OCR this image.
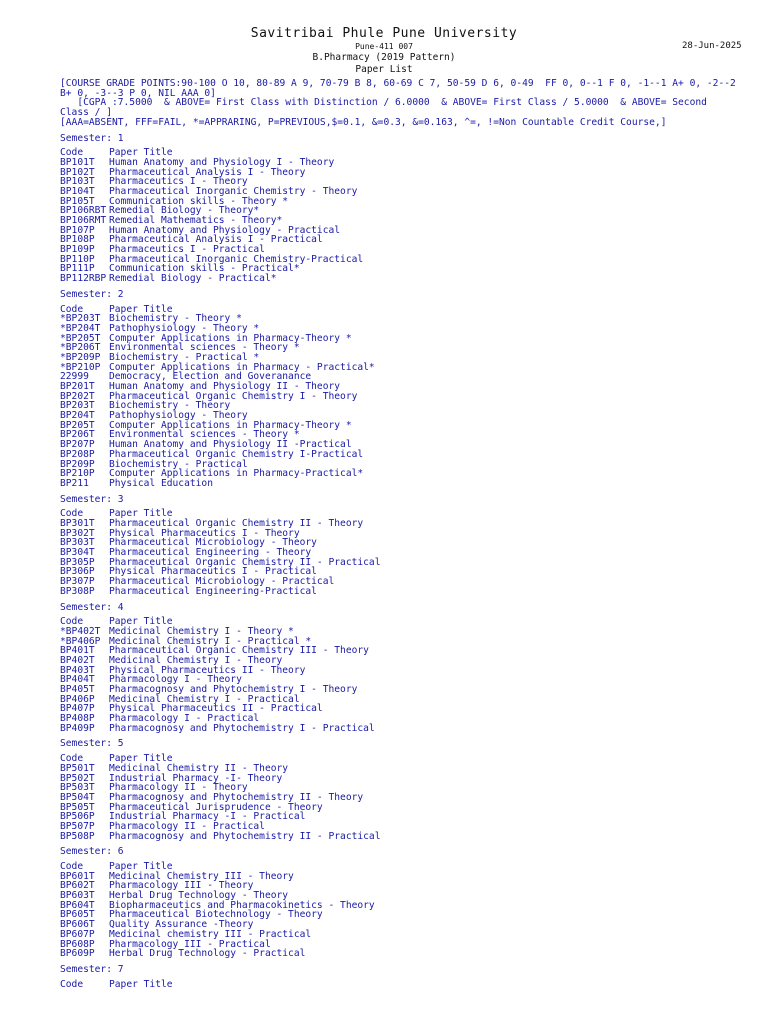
Savitribai Phule Pune University
Pune-411 007	28-Jun-2025
B.Pharmacy (2019 Pattern)
Paper List
[COURSE GRADE POINTS:90-100 O 10, 80-89 A 9, 70-79 B 8, 60-69 C 7, 50-59 D 6, 0-49  FF 0, 0--1 F 0, -1--1 A+ 0, -2--2 B+ 0, -3--3 P 0, NIL AAA 0]
[CGPA :7.5000  & ABOVE= First Class with Distinction / 6.0000  & ABOVE= First Class / 5.0000  & ABOVE= Second Class / ]
[AAA=ABSENT, FFF=FAIL, *=APPRARING, P=PREVIOUS,$=0.1, &=0.3, &=0.163, ^=, !=Non Countable Credit Course,]
Semester: 1
Code	Paper Title
BP101T Human Anatomy and Physiology I - Theory
BP102T Pharmaceutical Analysis I - Theory
BP103T Pharmaceutics I - Theory
BP104T Pharmaceutical Inorganic Chemistry - Theory
BP105T Communication skills - Theory *
BP106RBT Remedial Biology - Theory*
BP106RMT Remedial Mathematics - Theory*
BP107P Human Anatomy and Physiology - Practical
BP108P Pharmaceutical Analysis I - Practical
BP109P Pharmaceutics I - Practical
BP110P Pharmaceutical Inorganic Chemistry-Practical
BP111P Communication skills - Practical*
BP112RBP Remedial Biology - Practical*
Semester: 2
Code	Paper Title
*BP203T Biochemistry - Theory *
*BP204T Pathophysiology - Theory *
*BP205T Computer Applications in Pharmacy-Theory *
*BP206T Environmental sciences - Theory *
*BP209P Biochemistry - Practical *
*BP210P Computer Applications in Pharmacy - Practical*
22999 Democracy, Election and Goveranance
BP201T Human Anatomy and Physiology II - Theory
BP202T Pharmaceutical Organic Chemistry I - Theory
BP203T Biochemistry - Theory
BP204T Pathophysiology - Theory
BP205T Computer Applications in Pharmacy-Theory *
BP206T Environmental sciences - Theory *
BP207P Human Anatomy and Physiology II -Practical
BP208P Pharmaceutical Organic Chemistry I-Practical
BP209P Biochemistry - Practical
BP210P Computer Applications in Pharmacy-Practical*
BP211 Physical Education
Semester: 3
Code	Paper Title
BP301T Pharmaceutical Organic Chemistry II - Theory
BP302T Physical Pharmaceutics I - Theory
BP303T Pharmaceutical Microbiology - Theory
BP304T Pharmaceutical Engineering - Theory
BP305P Pharmaceutical Organic Chemistry II - Practical
BP306P Physical Pharmaceutics I - Practical
BP307P Pharmaceutical Microbiology - Practical
BP308P Pharmaceutical Engineering-Practical
Semester: 4
Code	Paper Title
*BP402T Medicinal Chemistry I - Theory *
*BP406P Medicinal Chemistry I - Practical *
BP401T Pharmaceutical Organic Chemistry III - Theory
BP402T Medicinal Chemistry I - Theory
BP403T Physical Pharmaceutics II - Theory
BP404T Pharmacology I - Theory
BP405T Pharmacognosy and Phytochemistry I - Theory
BP406P Medicinal Chemistry I - Practical
BP407P Physical Pharmaceutics II - Practical
BP408P Pharmacology I - Practical
BP409P Pharmacognosy and Phytochemistry I - Practical
Semester: 5
Code	Paper Title
BP501T Medicinal Chemistry II - Theory
BP502T Industrial Pharmacy -I- Theory
BP503T Pharmacology II - Theory
BP504T Pharmacognosy and Phytochemistry II - Theory
BP505T Pharmaceutical Jurisprudence - Theory
BP506P Industrial Pharmacy -I - Practical
BP507P Pharmacology II - Practical
BP508P Pharmacognosy and Phytochemistry II - Practical
Semester: 6
Code	Paper Title
BP601T Medicinal Chemistry III - Theory
BP602T Pharmacology III - Theory
BP603T Herbal Drug Technology - Theory
BP604T Biopharmaceutics and Pharmacokinetics - Theory
BP605T Pharmaceutical Biotechnology - Theory
BP606T Quality Assurance -Theory
BP607P Medicinal chemistry III - Practical
BP608P Pharmacology III - Practical
BP609P Herbal Drug Technology - Practical
Semester: 7
Code	Paper Title
